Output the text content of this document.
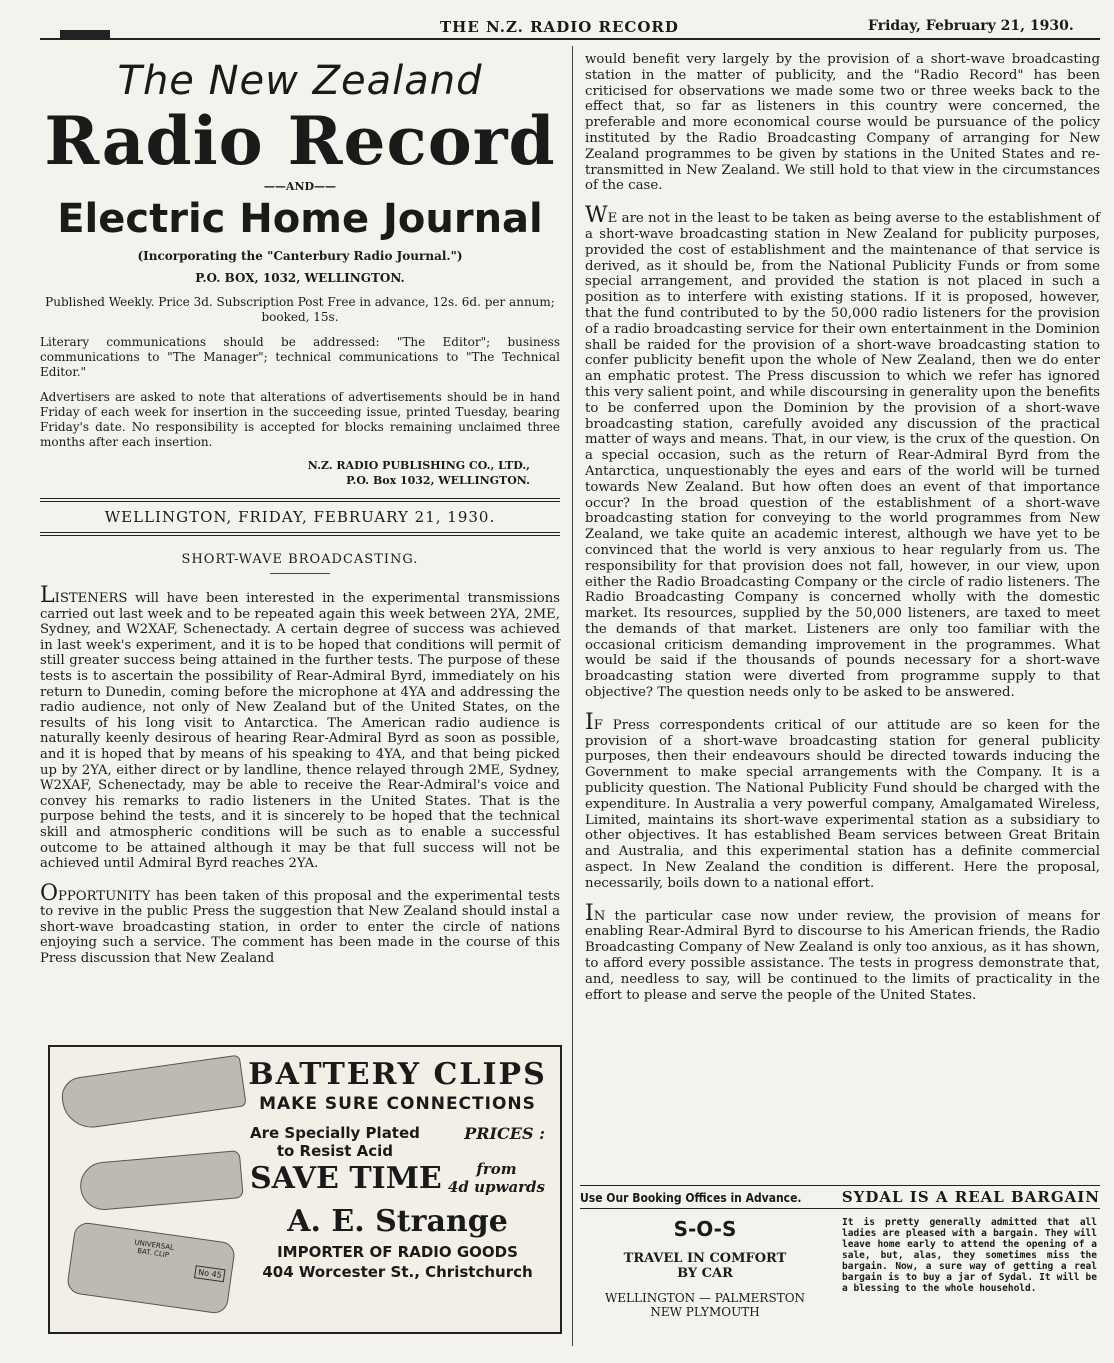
THE N.Z. RADIO RECORD	Friday, February 21, 1930.
The New Zealand
Radio Record
——AND——
Electric Home Journal
(Incorporating the "Canterbury Radio Journal.")
P.O. BOX, 1032, WELLINGTON.
Published Weekly. Price 3d. Subscription Post Free in advance, 12s. 6d. per annum; booked, 15s.
Literary communications should be addressed: "The Editor"; business communications to "The Manager"; technical communications to "The Technical Editor."
Advertisers are asked to note that alterations of advertisements should be in hand Friday of each week for insertion in the succeeding issue, printed Tuesday, bearing Friday's date. No responsibility is accepted for blocks remaining unclaimed three months after each insertion.
N.Z. RADIO PUBLISHING CO., LTD.,
P.O. Box 1032, WELLINGTON.
WELLINGTON, FRIDAY, FEBRUARY 21, 1930.
SHORT-WAVE BROADCASTING.

LISTENERS will have been interested in the experimental transmissions carried out last week and to be repeated again this week between 2YA, 2ME, Sydney, and W2XAF, Schenectady. A certain degree of success was achieved in last week's experiment, and it is to be hoped that conditions will permit of still greater success being attained in the further tests. The purpose of these tests is to ascertain the possibility of Rear-Admiral Byrd, immediately on his return to Dunedin, coming before the microphone at 4YA and addressing the radio audience, not only of New Zealand but of the United States, on the results of his long visit to Antarctica. The American radio audience is naturally keenly desirous of hearing Rear-Admiral Byrd as soon as possible, and it is hoped that by means of his speaking to 4YA, and that being picked up by 2YA, either direct or by landline, thence relayed through 2ME, Sydney, W2XAF, Schenectady, may be able to receive the Rear-Admiral's voice and convey his remarks to radio listeners in the United States. That is the purpose behind the tests, and it is sincerely to be hoped that the technical skill and atmospheric conditions will be such as to enable a successful outcome to be attained although it may be that full success will not be achieved until Admiral Byrd reaches 2YA.

OPPORTUNITY has been taken of this proposal and the experimental tests to revive in the public Press the suggestion that New Zealand should instal a short-wave broadcasting station, in order to enter the circle of nations enjoying such a service. The comment has been made in the course of this Press discussion that New Zealand

would benefit very largely by the provision of a short-wave broadcasting station in the matter of publicity, and the "Radio Record" has been criticised for observations we made some two or three weeks back to the effect that, so far as listeners in this country were concerned, the preferable and more economical course would be pursuance of the policy instituted by the Radio Broadcasting Company of arranging for New Zealand programmes to be given by stations in the United States and re-transmitted in New Zealand. We still hold to that view in the circumstances of the case.

WE are not in the least to be taken as being averse to the establishment of a short-wave broadcasting station in New Zealand for publicity purposes, provided the cost of establishment and the maintenance of that service is derived, as it should be, from the National Publicity Funds or from some special arrangement, and provided the station is not placed in such a position as to interfere with existing stations. If it is proposed, however, that the fund contributed to by the 50,000 radio listeners for the provision of a radio broadcasting service for their own entertainment in the Dominion shall be raided for the provision of a short-wave broadcasting station to confer publicity benefit upon the whole of New Zealand, then we do enter an emphatic protest. The Press discussion to which we refer has ignored this very salient point, and while discoursing in generality upon the benefits to be conferred upon the Dominion by the provision of a short-wave broadcasting station, carefully avoided any discussion of the practical matter of ways and means. That, in our view, is the crux of the question. On a special occasion, such as the return of Rear-Admiral Byrd from the Antarctica, unquestionably the eyes and ears of the world will be turned towards New Zealand. But how often does an event of that importance occur? In the broad question of the establishment of a short-wave broadcasting station for conveying to the world programmes from New Zealand, we take quite an academic interest, although we have yet to be convinced that the world is very anxious to hear regularly from us. The responsibility for that provision does not fall, however, in our view, upon either the Radio Broadcasting Company or the circle of radio listeners. The Radio Broadcasting Company is concerned wholly with the domestic market. Its resources, supplied by the 50,000 listeners, are taxed to meet the demands of that market. Listeners are only too familiar with the occasional criticism demanding improvement in the programmes. What would be said if the thousands of pounds necessary for a short-wave broadcasting station were diverted from programme supply to that objective? The question needs only to be asked to be answered.

IF Press correspondents critical of our attitude are so keen for the provision of a short-wave broadcasting station for general publicity purposes, then their endeavours should be directed towards inducing the Government to make special arrangements with the Company. It is a publicity question. The National Publicity Fund should be charged with the expenditure. In Australia a very powerful company, Amalgamated Wireless, Limited, maintains its short-wave experimental station as a subsidiary to other objectives. It has established Beam services between Great Britain and Australia, and this experimental station has a definite commercial aspect. In New Zealand the condition is different. Here the proposal, necessarily, boils down to a national effort.

IN the particular case now under review, the provision of means for enabling Rear-Admiral Byrd to discourse to his American friends, the Radio Broadcasting Company of New Zealand is only too anxious, as it has shown, to afford every possible assistance. The tests in progress demonstrate that, and, needless to say, will be continued to the limits of practicality in the effort to please and serve the people of the United States.

UNIVERSAL BAT. CLIP
No 45
BATTERY CLIPS
MAKE SURE CONNECTIONS
Are Specially Plated
to Resist Acid
PRICES :
SAVE TIME	from
4d upwards
A. E. Strange
IMPORTER OF RADIO GOODS
404 Worcester St., Christchurch
Use Our Booking Offices in Advance.	SYDAL IS A REAL BARGAIN
S-O-S
TRAVEL IN COMFORT BY CAR
WELLINGTON — PALMERSTON
NEW PLYMOUTH
It is pretty generally admitted that all ladies are pleased with a bargain. They will leave home early to attend the opening of a sale, but, alas, they sometimes miss the bargain. Now, a sure way of getting a real bargain is to buy a jar of Sydal. It will be a blessing to the whole household.
